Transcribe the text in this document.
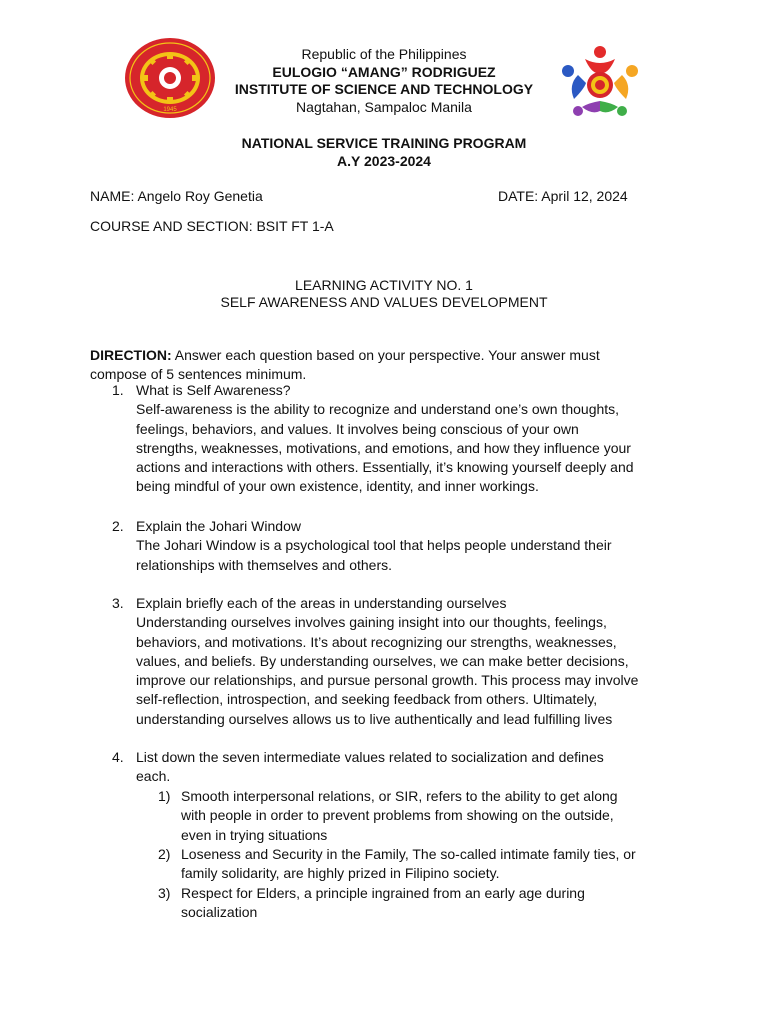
1945
Republic of the Philippines
EULOGIO “AMANG” RODRIGUEZ
INSTITUTE OF SCIENCE AND TECHNOLOGY
Nagtahan, Sampaloc Manila
NATIONAL SERVICE TRAINING PROGRAM
A.Y 2023-2024
NAME: Angelo Roy Genetia	DATE: April 12, 2024
COURSE AND SECTION: BSIT FT 1-A
LEARNING ACTIVITY NO. 1
SELF AWARENESS AND VALUES DEVELOPMENT
DIRECTION: Answer each question based on your perspective. Your answer must
compose of 5 sentences minimum.
1. What is Self Awareness?
Self-awareness is the ability to recognize and understand one’s own thoughts,
feelings, behaviors, and values. It involves being conscious of your own
strengths, weaknesses, motivations, and emotions, and how they influence your
actions and interactions with others. Essentially, it’s knowing yourself deeply and
being mindful of your own existence, identity, and inner workings.
2. Explain the Johari Window
The Johari Window is a psychological tool that helps people understand their
relationships with themselves and others.
3. Explain briefly each of the areas in understanding ourselves
Understanding ourselves involves gaining insight into our thoughts, feelings,
behaviors, and motivations. It’s about recognizing our strengths, weaknesses,
values, and beliefs. By understanding ourselves, we can make better decisions,
improve our relationships, and pursue personal growth. This process may involve
self-reflection, introspection, and seeking feedback from others. Ultimately,
understanding ourselves allows us to live authentically and lead fulfilling lives
4. List down the seven intermediate values related to socialization and defines
each.
1) Smooth interpersonal relations, or SIR, refers to the ability to get along
with people in order to prevent problems from showing on the outside,
even in trying situations
2) Loseness and Security in the Family, The so-called intimate family ties, or
family solidarity, are highly prized in Filipino society.
3) Respect for Elders, a principle ingrained from an early age during
socialization
